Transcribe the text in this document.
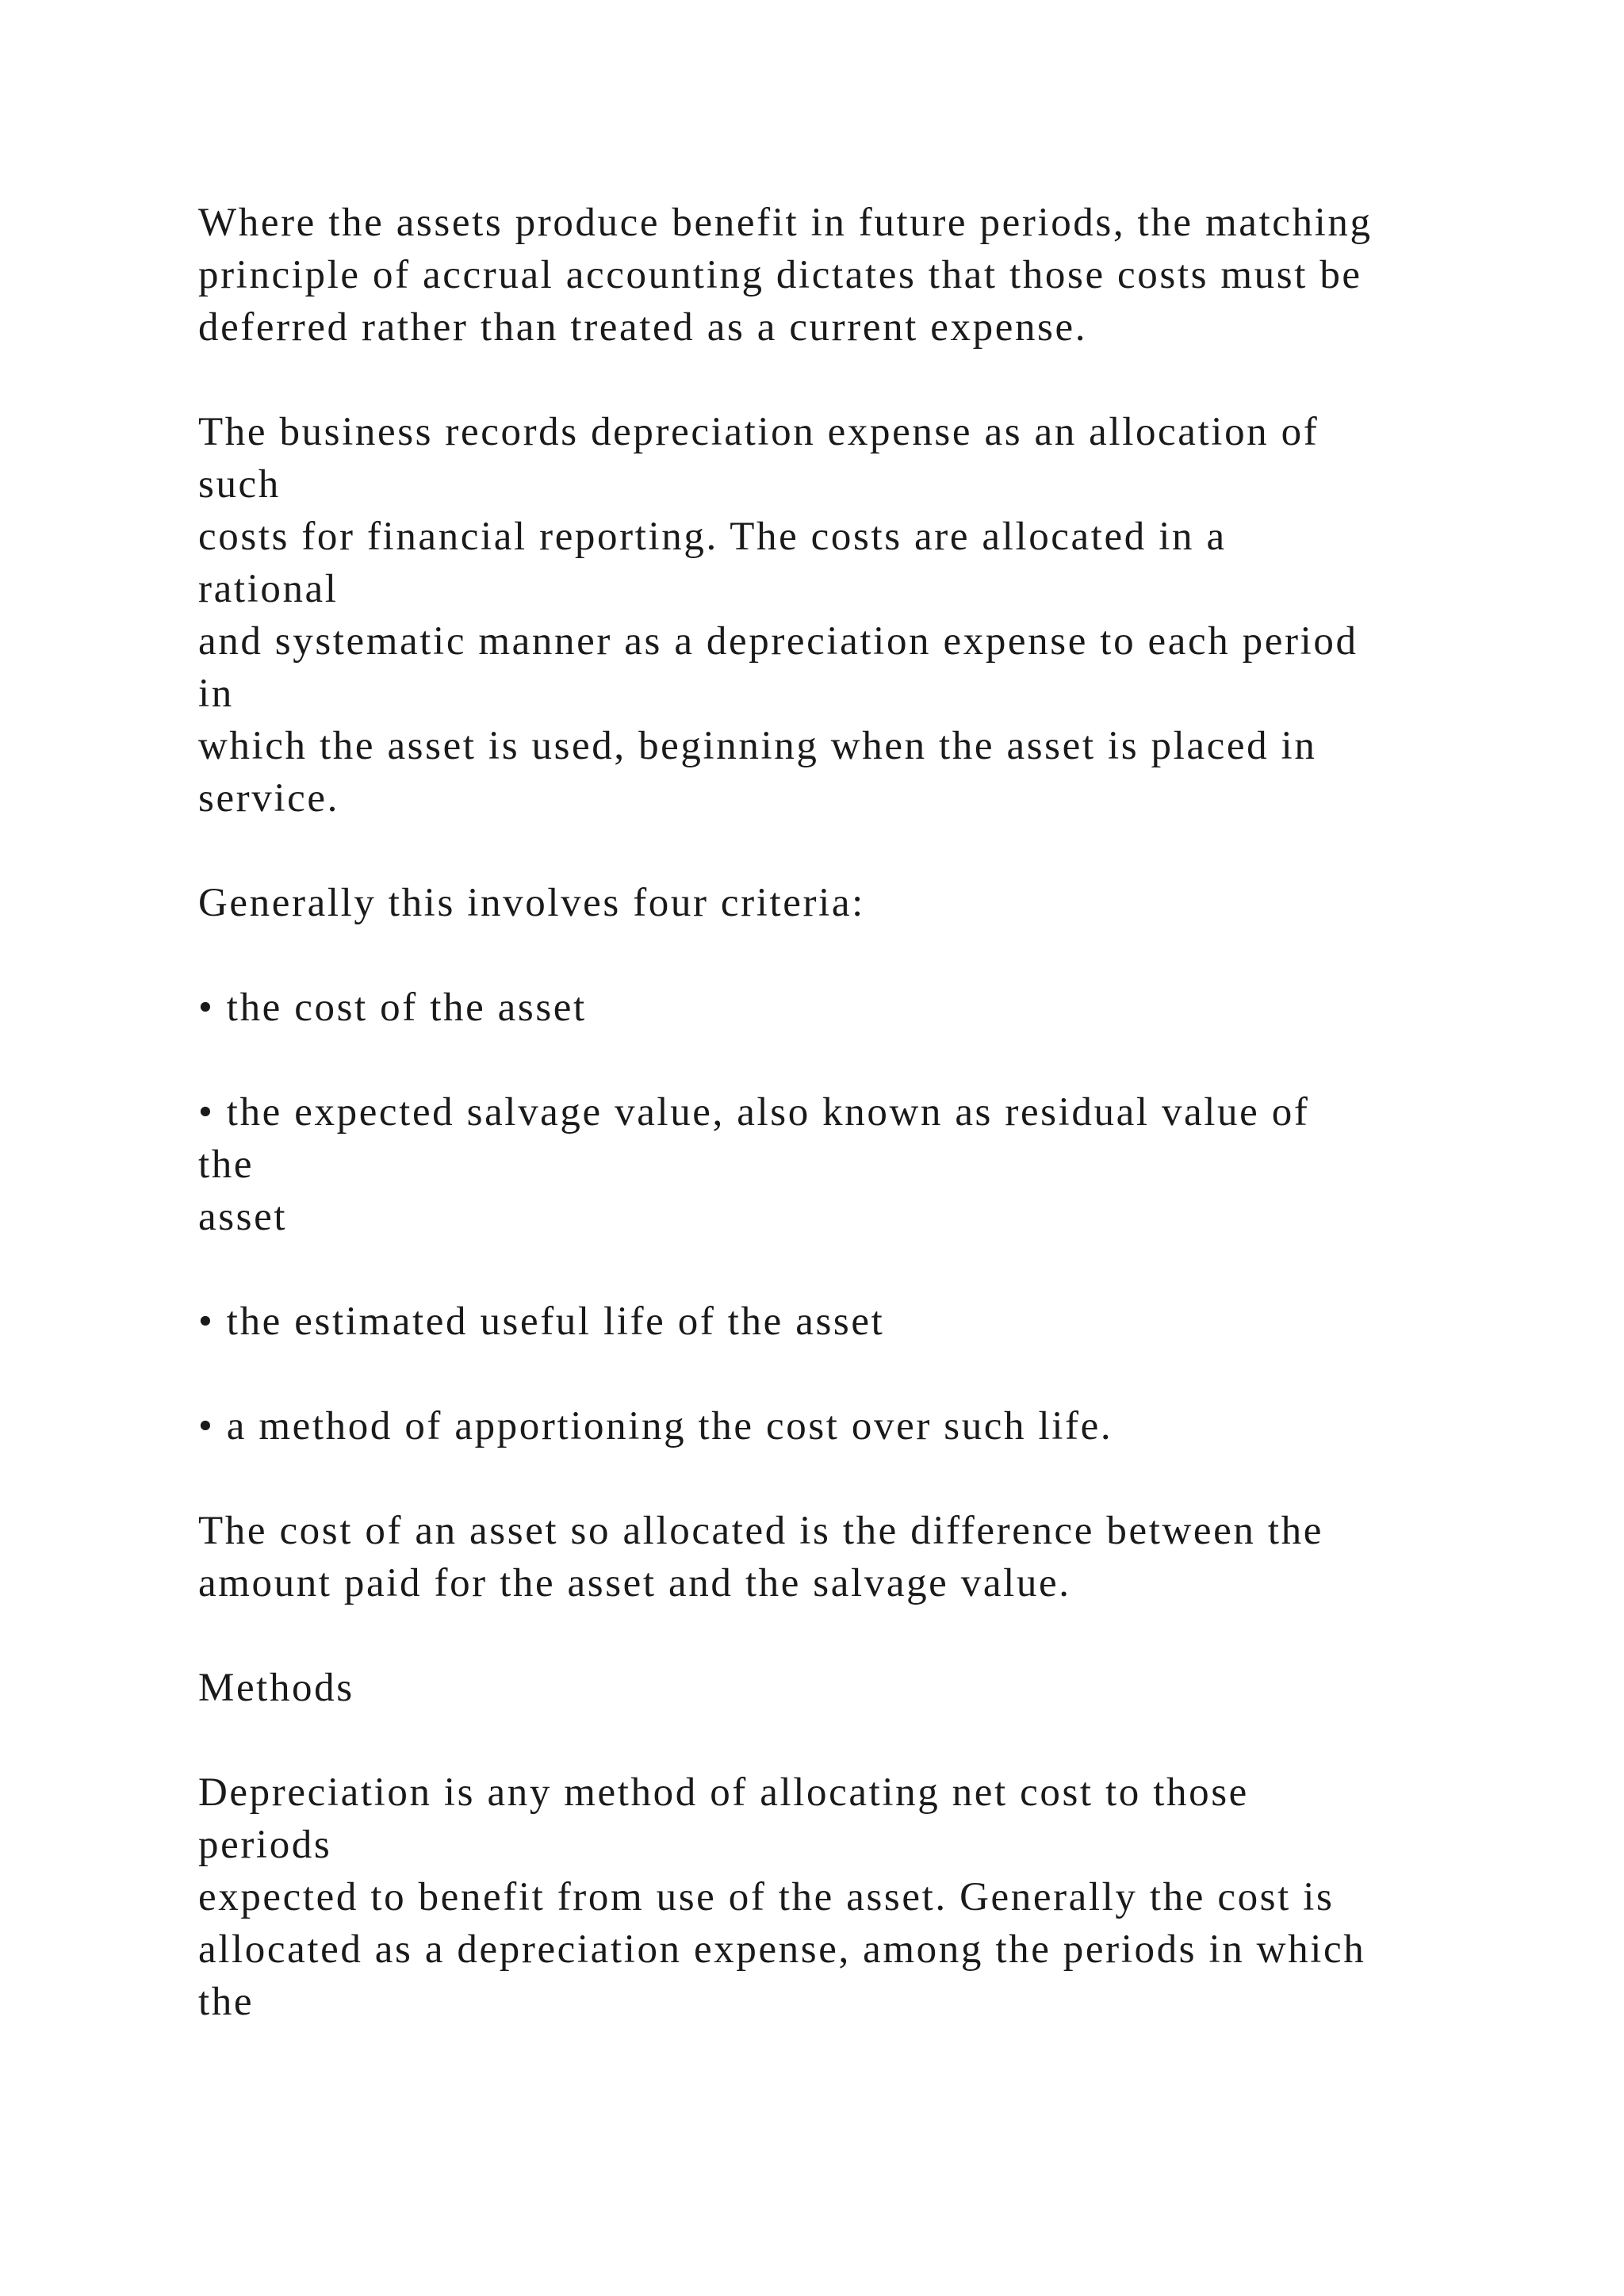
Where the assets produce benefit in future periods, the matching
principle of accrual accounting dictates that those costs must be
deferred rather than treated as a current expense.
The business records depreciation expense as an allocation of
such
costs for financial reporting. The costs are allocated in a
rational
and systematic manner as a depreciation expense to each period
in
which the asset is used, beginning when the asset is placed in
service.
Generally this involves four criteria:
• the cost of the asset
• the expected salvage value, also known as residual value of
the
asset
• the estimated useful life of the asset
• a method of apportioning the cost over such life.
The cost of an asset so allocated is the difference between the
amount paid for the asset and the salvage value.
Methods
Depreciation is any method of allocating net cost to those
periods
expected to benefit from use of the asset. Generally the cost is
allocated as a depreciation expense, among the periods in which
the
